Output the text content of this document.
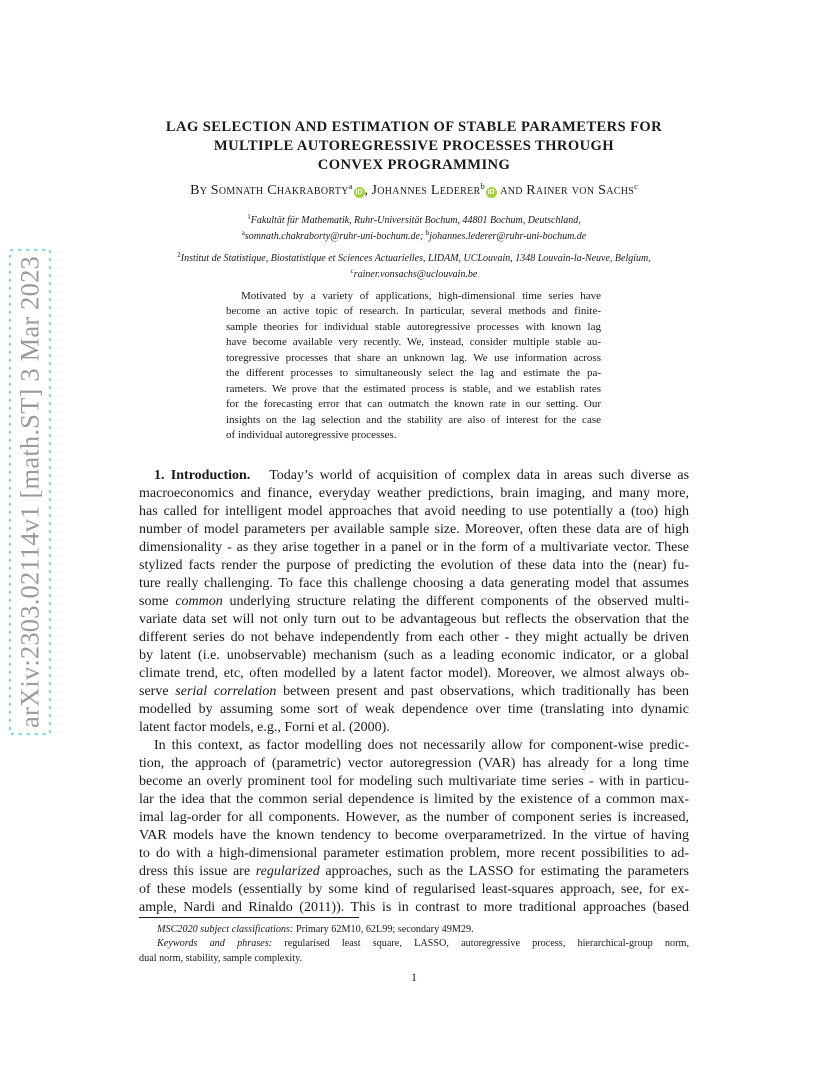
arXiv:2303.02114v1 [math.ST] 3 Mar 2023
LAG SELECTION AND ESTIMATION OF STABLE PARAMETERS FOR
MULTIPLE AUTOREGRESSIVE PROCESSES THROUGH
CONVEX PROGRAMMING
By Somnath Chakraborty$^a$iD , Johannes Lederer$^b$iD and Rainer von Sachs$^c$
$^1$Fakultät für Mathematik, Ruhr-Universität Bochum, 44801 Bochum, Deutschland,
$^a$somnath.chakraborty@ruhr-uni-bochum.de; $^b$johannes.lederer@ruhr-uni-bochum.de
$^2$Institut de Statistique, Biostatistique et Sciences Actuarielles, LIDAM, UCLouvain, 1348 Louvain-la-Neuve, Belgium,
$^c$rainer.vonsachs@uclouvain.be
Motivated by a variety of applications, high-dimensional time series have
become an active topic of research. In particular, several methods and finite-
sample theories for individual stable autoregressive processes with known lag
have become available very recently. We, instead, consider multiple stable au-
toregressive processes that share an unknown lag. We use information across
the different processes to simultaneously select the lag and estimate the pa-
rameters. We prove that the estimated process is stable, and we establish rates
for the forecasting error that can outmatch the known rate in our setting. Our
insights on the lag selection and the stability are also of interest for the case
of individual autoregressive processes.
1. Introduction. Today’s world of acquisition of complex data in areas such diverse as
macroeconomics and finance, everyday weather predictions, brain imaging, and many more,
has called for intelligent model approaches that avoid needing to use potentially a (too) high
number of model parameters per available sample size. Moreover, often these data are of high
dimensionality - as they arise together in a panel or in the form of a multivariate vector. These
stylized facts render the purpose of predicting the evolution of these data into the (near) fu-
ture really challenging. To face this challenge choosing a data generating model that assumes
some common underlying structure relating the different components of the observed multi-
variate data set will not only turn out to be advantageous but reflects the observation that the
different series do not behave independently from each other - they might actually be driven
by latent (i.e. unobservable) mechanism (such as a leading economic indicator, or a global
climate trend, etc, often modelled by a latent factor model). Moreover, we almost always ob-
serve serial correlation between present and past observations, which traditionally has been
modelled by assuming some sort of weak dependence over time (translating into dynamic
latent factor models, e.g., Forni et al. (2000).
In this context, as factor modelling does not necessarily allow for component-wise predic-
tion, the approach of (parametric) vector autoregression (VAR) has already for a long time
become an overly prominent tool for modeling such multivariate time series - with in particu-
lar the idea that the common serial dependence is limited by the existence of a common max-
imal lag-order for all components. However, as the number of component series is increased,
VAR models have the known tendency to become overparametrized. In the virtue of having
to do with a high-dimensional parameter estimation problem, more recent possibilities to ad-
dress this issue are regularized approaches, such as the LASSO for estimating the parameters
of these models (essentially by some kind of regularised least-squares approach, see, for ex-
ample, Nardi and Rinaldo (2011)). This is in contrast to more traditional approaches (based
MSC2020 subject classifications: Primary 62M10, 62L99; secondary 49M29.
Keywords and phrases: regularised least square, LASSO, autoregressive process, hierarchical-group norm,
dual norm, stability, sample complexity.
1
